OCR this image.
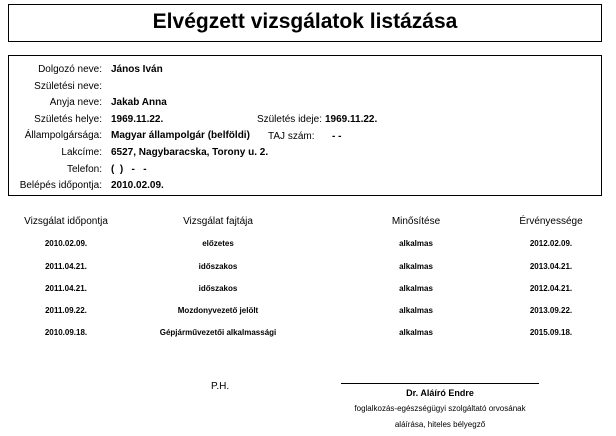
Elvégzett vizsgálatok listázása
Dolgozó neve: János Iván
Születési neve:
Anyja neve: Jakab Anna
Születés helye: 1969.11.22.	Születés ideje: 1969.11.22.
Állampolgársága: Magyar állampolgár (belföldi) TAJ szám: - -
Lakcíme: 6527, Nagybaracska, Torony u. 2.
Telefon: (  )   -   -
Belépés időpontja: 2010.02.09.
Vizsgálat időpontja	Vizsgálat fajtája	Minősítése	Érvényessége
2010.02.09.	előzetes	alkalmas	2012.02.09.
2011.04.21.	időszakos	alkalmas	2013.04.21.
2011.04.21.	időszakos	alkalmas	2012.04.21.
2011.09.22.	Mozdonyvezető jelölt	alkalmas	2013.09.22.
2010.09.18.	Gépjárművezetői alkalmassági	alkalmas	2015.09.18.
P.H.
Dr. Aláíró Endre
foglalkozás-egészségügyi szolgáltató orvosának
aláírása, hiteles bélyegző
